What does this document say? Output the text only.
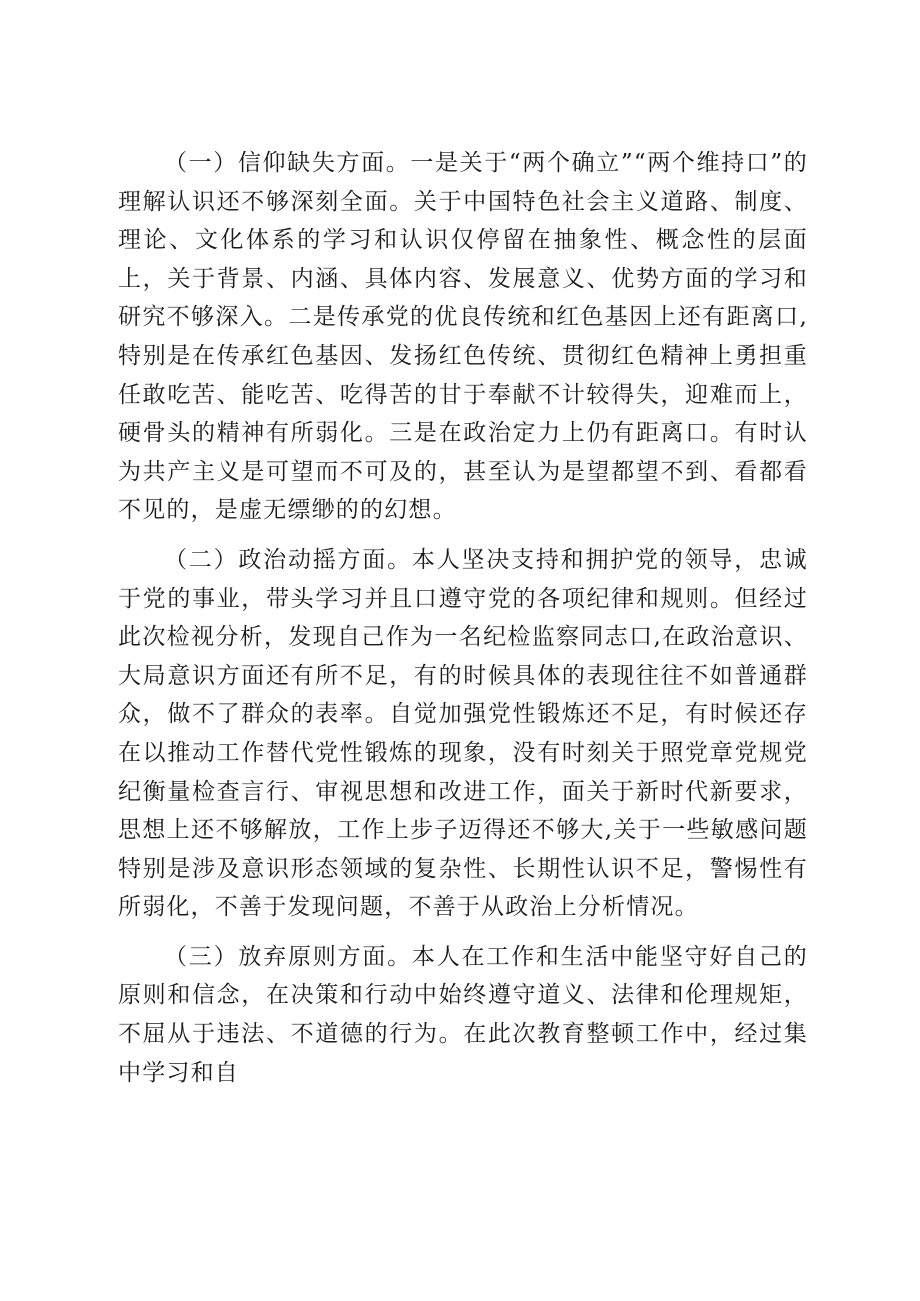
（一）信仰缺失方面。一是关于“两个确立”“两个维持口”的理解认识还不够深刻全面。关于中国特色社会主义道路、制度、理论、文化体系的学习和认识仅停留在抽象性、概念性的层面上，关于背景、内涵、具体内容、发展意义、优势方面的学习和研究不够深入。二是传承党的优良传统和红色基因上还有距离口,特别是在传承红色基因、发扬红色传统、贯彻红色精神上勇担重任敢吃苦、能吃苦、吃得苦的甘于奉献不计较得失，迎难而上，硬骨头的精神有所弱化。三是在政治定力上仍有距离口。有时认为共产主义是可望而不可及的，甚至认为是望都望不到、看都看不见的，是虚无缥缈的的幻想。

（二）政治动摇方面。本人坚决支持和拥护党的领导，忠诚于党的事业，带头学习并且口遵守党的各项纪律和规则。但经过此次检视分析，发现自己作为一名纪检监察同志口,在政治意识、大局意识方面还有所不足，有的时候具体的表现往往不如普通群众，做不了群众的表率。自觉加强党性锻炼还不足，有时候还存在以推动工作替代党性锻炼的现象，没有时刻关于照党章党规党纪衡量检查言行、审视思想和改进工作，面关于新时代新要求，思想上还不够解放，工作上步子迈得还不够大,关于一些敏感问题特别是涉及意识形态领域的复杂性、长期性认识不足，警惕性有所弱化，不善于发现问题，不善于从政治上分析情况。

（三）放弃原则方面。本人在工作和生活中能坚守好自己的原则和信念，在决策和行动中始终遵守道义、法律和伦理规矩，不屈从于违法、不道德的行为。在此次教育整顿工作中，经过集中学习和自
